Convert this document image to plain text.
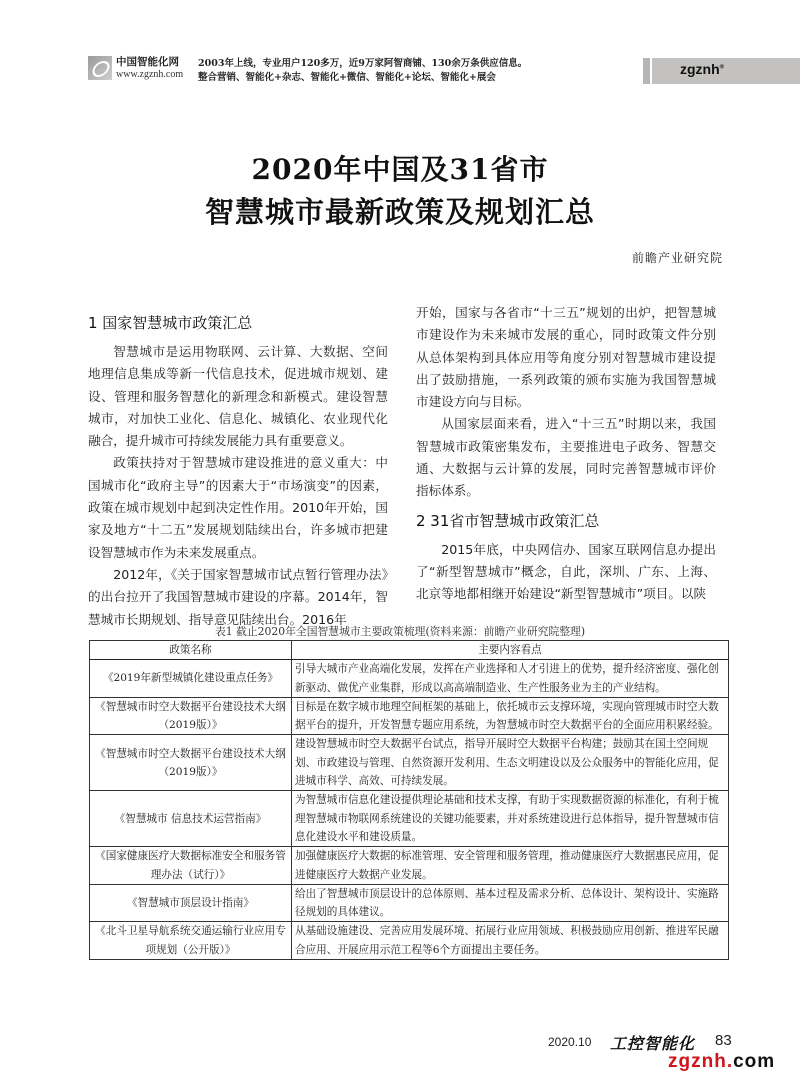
中国智能化网
www.zgznh.com
2003年上线，专业用户120多万，近9万家阿智商铺、130余万条供应信息。
整合营销、智能化+杂志、智能化+微信、智能化+论坛、智能化+展会
zgznh®
2020年中国及31省市
智慧城市最新政策及规划汇总
前瞻产业研究院
1 国家智慧城市政策汇总

智慧城市是运用物联网、云计算、大数据、空间地理信息集成等新一代信息技术，促进城市规划、建设、管理和服务智慧化的新理念和新模式。建设智慧城市，对加快工业化、信息化、城镇化、农业现代化融合，提升城市可持续发展能力具有重要意义。

政策扶持对于智慧城市建设推进的意义重大：中国城市化“政府主导”的因素大于“市场演变”的因素，政策在城市规划中起到决定性作用。2010年开始，国家及地方“十二五”发展规划陆续出台，许多城市把建设智慧城市作为未来发展重点。

2012年，《关于国家智慧城市试点暂行管理办法》的出台拉开了我国智慧城市建设的序幕。2014年，智慧城市长期规划、指导意见陆续出台。2016年

开始，国家与各省市“十三五”规划的出炉，把智慧城市建设作为未来城市发展的重心，同时政策文件分别从总体架构到具体应用等角度分别对智慧城市建设提出了鼓励措施，一系列政策的颁布实施为我国智慧城市建设方向与目标。

从国家层面来看，进入“十三五”时期以来，我国智慧城市政策密集发布，主要推进电子政务、智慧交通、大数据与云计算的发展，同时完善智慧城市评价指标体系。

2 31省市智慧城市政策汇总

2015年底，中央网信办、国家互联网信息办提出了“新型智慧城市”概念，自此，深圳、广东、上海、北京等地都相继开始建设“新型智慧城市”项目。以陕

表1 截止2020年全国智慧城市主要政策梳理(资料来源：前瞻产业研究院整理)
政策名称	主要内容看点
《2019年新型城镇化建设重点任务》	引导大城市产业高端化发展，发挥在产业选择和人才引进上的优势，提升经济密度、强化创新驱动、做优产业集群，形成以高高端制造业、生产性服务业为主的产业结构。
《智慧城市时空大数据平台建设技术大纲（2019版）》	目标是在数字城市地理空间框架的基础上，依托城市云支撑环境，实现向管理城市时空大数据平台的提升，开发智慧专题应用系统，为智慧城市时空大数据平台的全面应用积累经验。
《智慧城市时空大数据平台建设技术大纲（2019版）》	建设智慧城市时空大数据平台试点，指导开展时空大数据平台构建；鼓励其在国土空间规划、市政建设与管理、自然资源开发利用、生态文明建设以及公众服务中的智能化应用，促进城市科学、高效、可持续发展。
《智慧城市 信息技术运营指南》	为智慧城市信息化建设提供理论基础和技术支撑，有助于实现数据资源的标准化，有利于梳理智慧城市物联网系统建设的关键功能要素，并对系统建设进行总体指导，提升智慧城市信息化建设水平和建设质量。
《国家健康医疗大数据标准安全和服务管理办法（试行）》	加强健康医疗大数据的标准管理、安全管理和服务管理，推动健康医疗大数据惠民应用，促进健康医疗大数据产业发展。
《智慧城市顶层设计指南》	给出了智慧城市顶层设计的总体原则、基本过程及需求分析、总体设计、架构设计、实施路径规划的具体建议。
《北斗卫星导航系统交通运输行业应用专项规划（公开版）》	从基础设施建设、完善应用发展环境、拓展行业应用领域、积极鼓励应用创新、推进军民融合应用、开展应用示范工程等6个方面提出主要任务。
2020.10 工控智能化 83
zgznh.com
